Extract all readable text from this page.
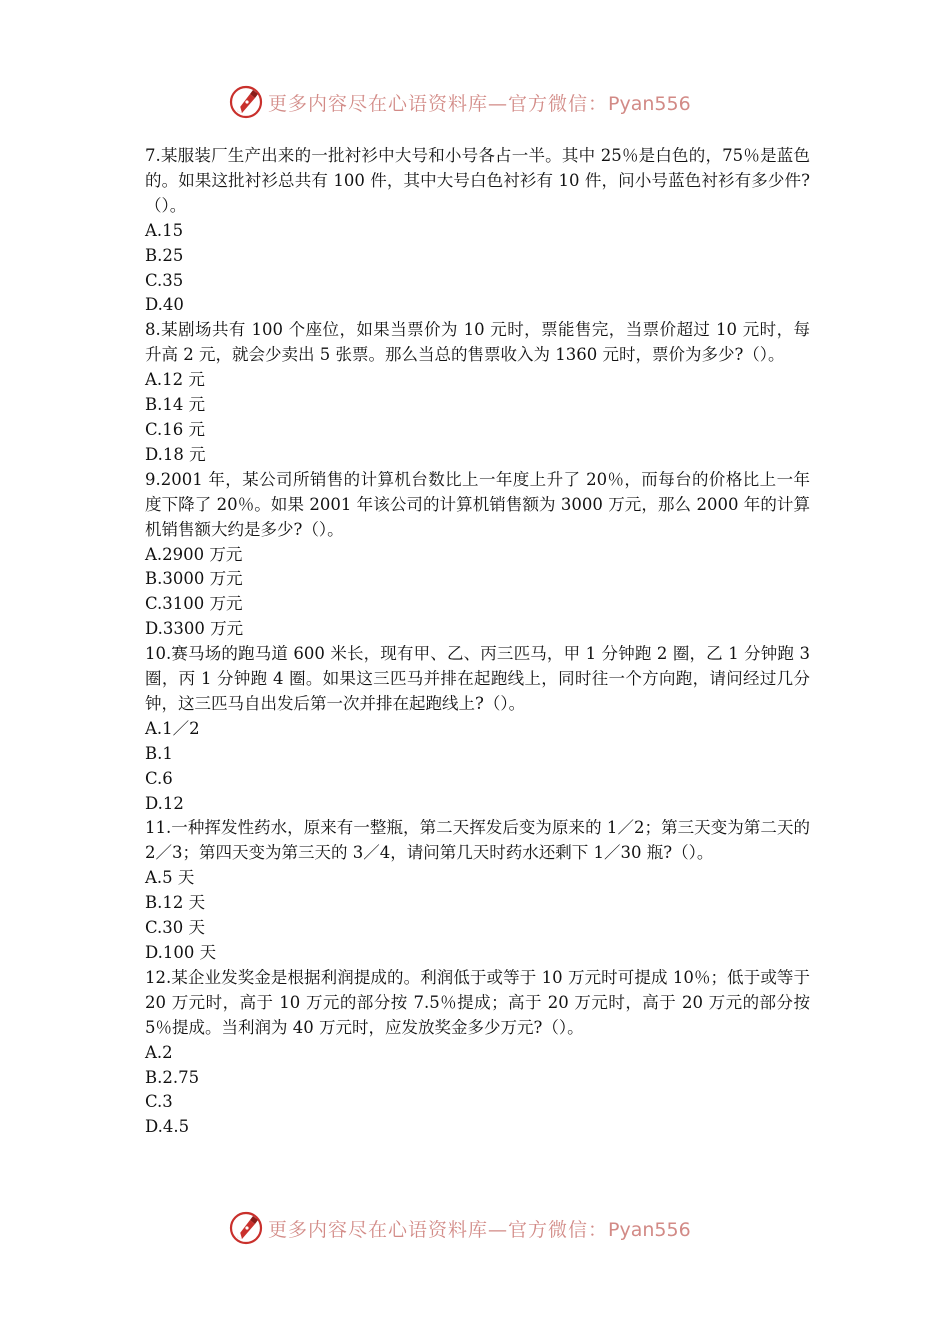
更多内容尽在心语资料库—官方微信：Pyan556

7.某服装厂生产出来的一批衬衫中大号和小号各占一半。其中 25％是白色的，75％是蓝色的。如果这批衬衫总共有 100 件，其中大号白色衬衫有 10 件，问小号蓝色衬衫有多少件?（）。

A.15

B.25

C.35

D.40

8.某剧场共有 100 个座位，如果当票价为 10 元时，票能售完，当票价超过 10 元时，每升高 2 元，就会少卖出 5 张票。那么当总的售票收入为 1360 元时，票价为多少?（）。

A.12 元

B.14 元

C.16 元

D.18 元

9.2001 年，某公司所销售的计算机台数比上一年度上升了 20％，而每台的价格比上一年度下降了 20％。如果 2001 年该公司的计算机销售额为 3000 万元，那么 2000 年的计算机销售额大约是多少?（）。

A.2900 万元

B.3000 万元

C.3100 万元

D.3300 万元

10.赛马场的跑马道 600 米长，现有甲、乙、丙三匹马，甲 1 分钟跑 2 圈，乙 1 分钟跑 3 圈，丙 1 分钟跑 4 圈。如果这三匹马并排在起跑线上，同时往一个方向跑，请问经过几分钟，这三匹马自出发后第一次并排在起跑线上?（）。

A.1／2

B.1

C.6

D.12

11.一种挥发性药水，原来有一整瓶，第二天挥发后变为原来的 1／2；第三天变为第二天的 2／3；第四天变为第三天的 3／4，请问第几天时药水还剩下 1／30 瓶?（）。

A.5 天

B.12 天

C.30 天

D.100 天

12.某企业发奖金是根据利润提成的。利润低于或等于 10 万元时可提成 10％；低于或等于 20 万元时，高于 10 万元的部分按 7.5％提成；高于 20 万元时，高于 20 万元的部分按 5％提成。当利润为 40 万元时，应发放奖金多少万元?（）。

A.2

B.2.75

C.3

D.4.5

更多内容尽在心语资料库—官方微信：Pyan556
